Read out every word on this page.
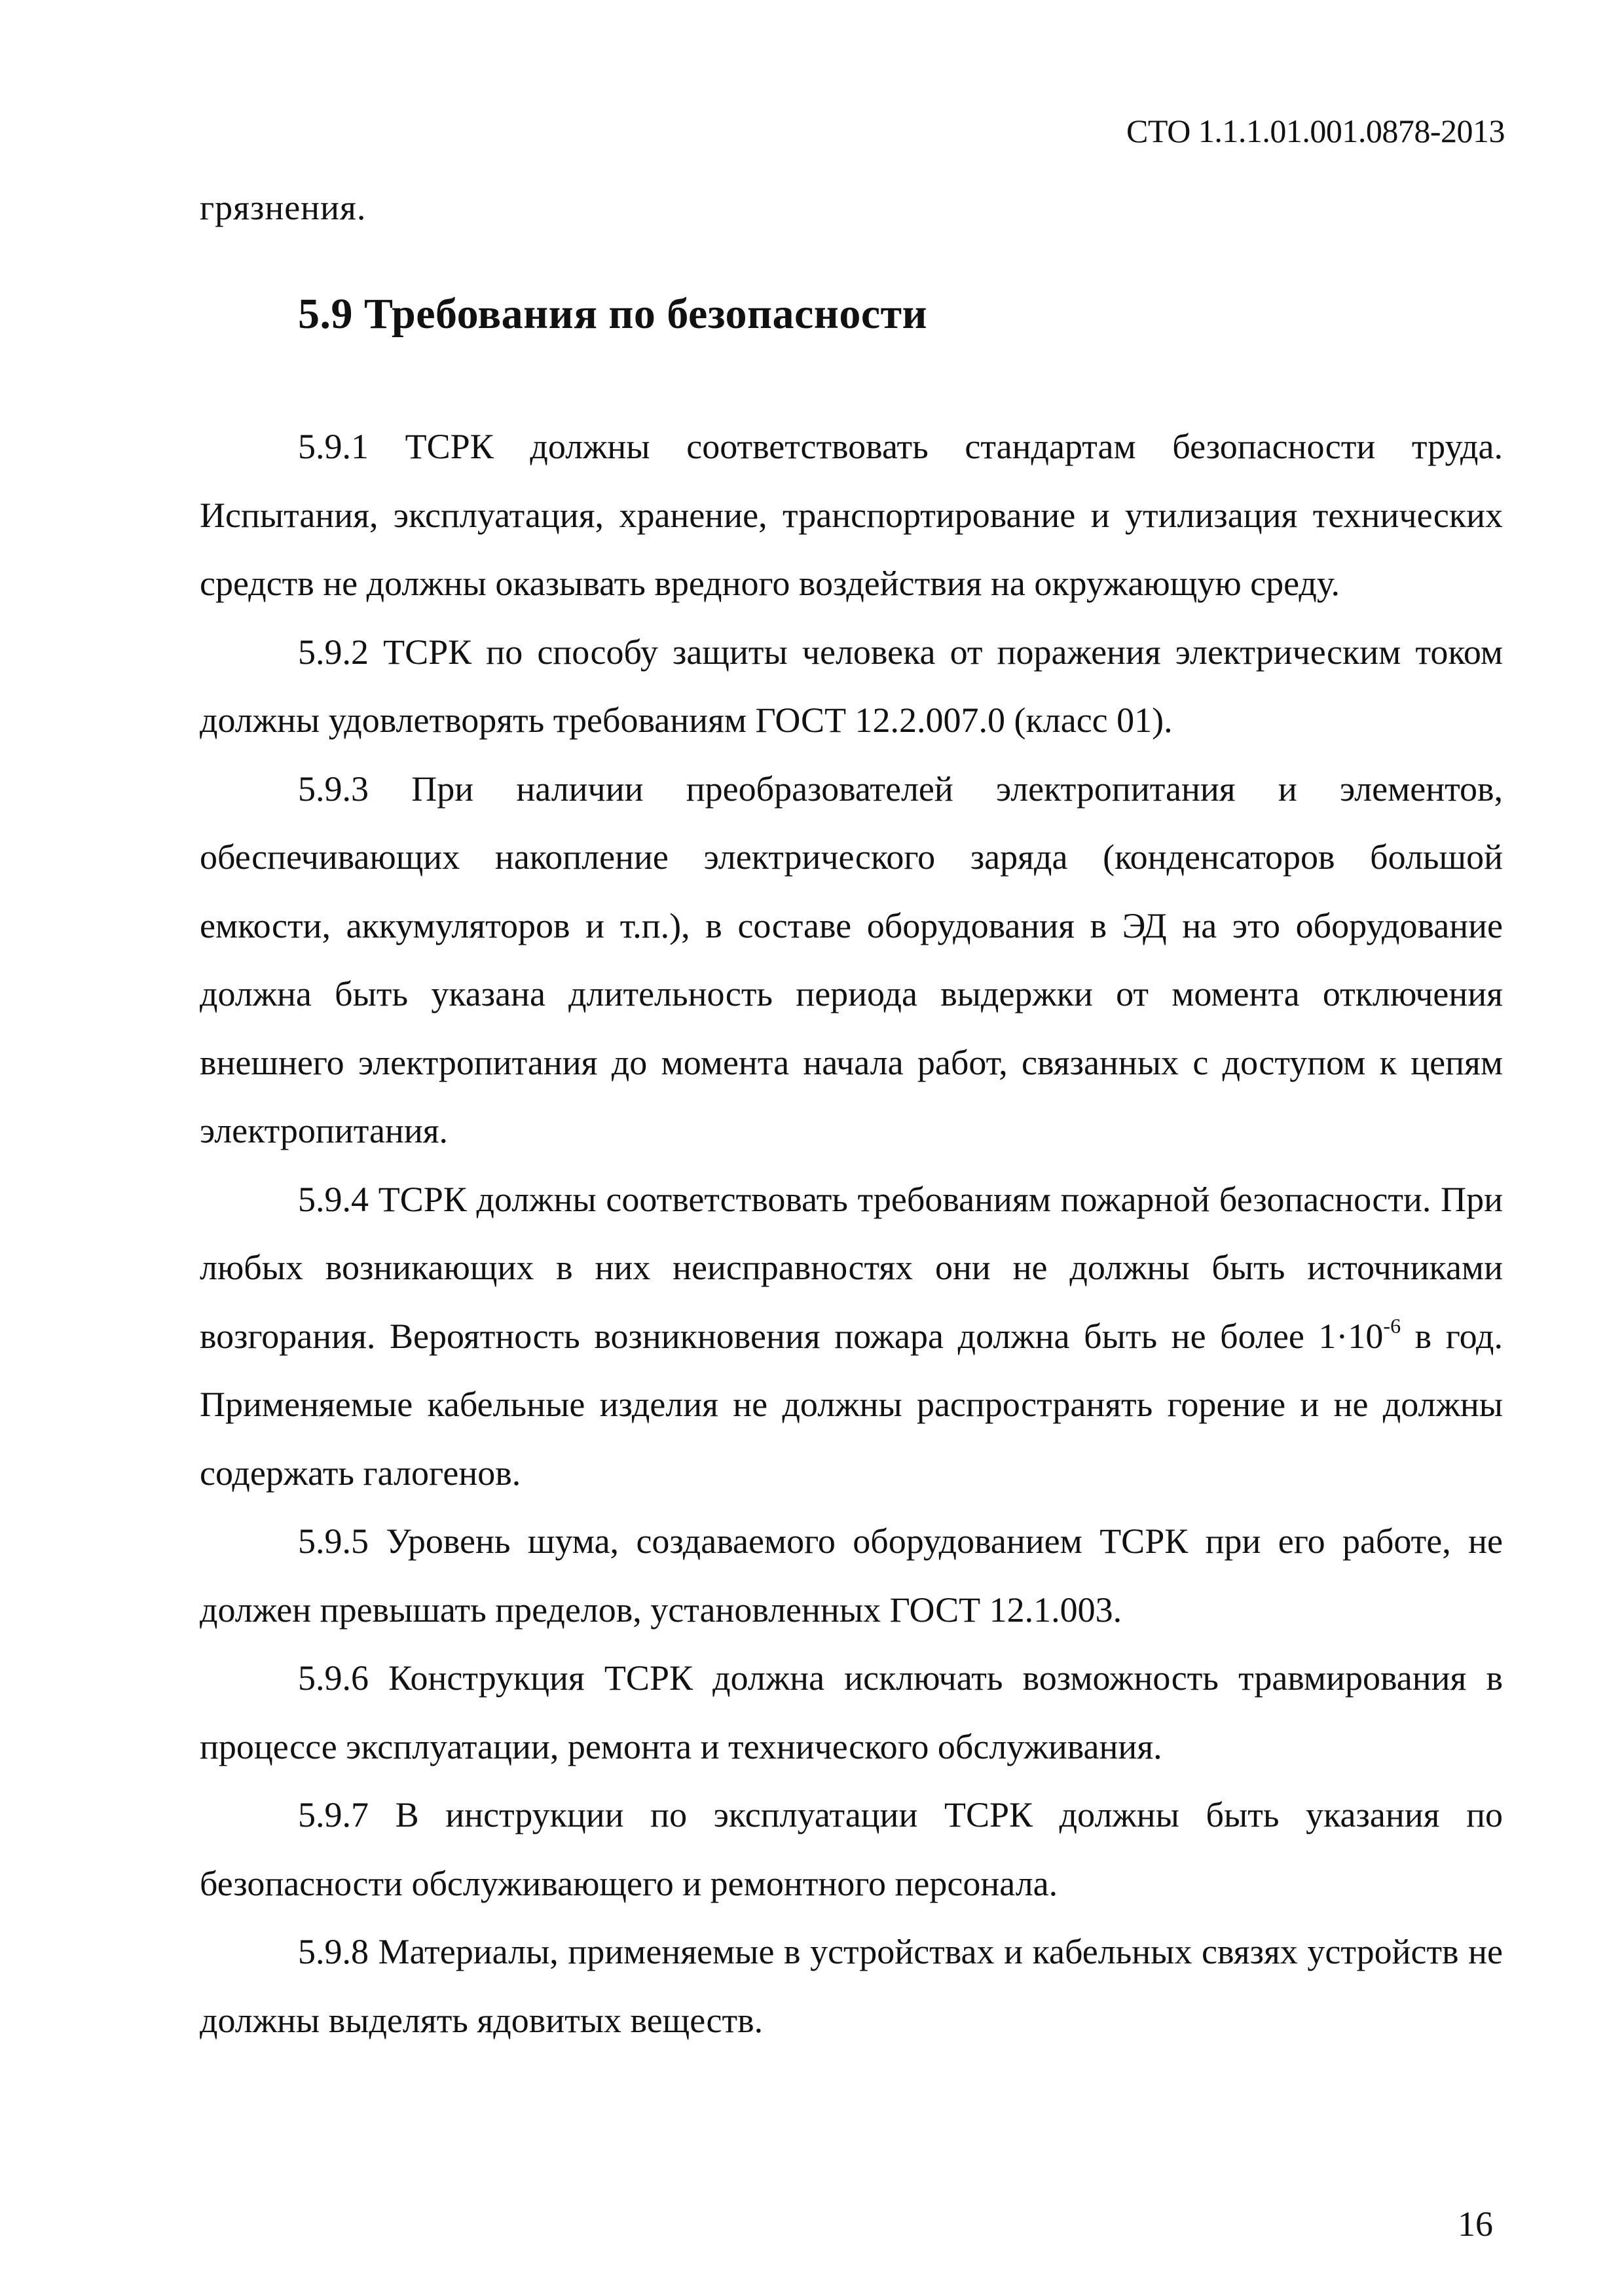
СТО 1.1.1.01.001.0878-2013
грязнения.
5.9 Требования по безопасности

5.9.1 ТСРК должны соответствовать стандартам безопасности труда. Испытания, эксплуатация, хранение, транспортирование и утилизация технических средств не должны оказывать вредного воздействия на окружающую среду.

5.9.2 ТСРК по способу защиты человека от поражения электрическим током должны удовлетворять требованиям ГОСТ 12.2.007.0 (класс 01).

5.9.3 При наличии преобразователей электропитания и элементов, обеспечивающих накопление электрического заряда (конденсаторов большой емкости, аккумуляторов и т.п.), в составе оборудования в ЭД на это оборудование должна быть указана длительность периода выдержки от момента отключения внешнего электропитания до момента начала работ, связанных с доступом к цепям электропитания.

5.9.4 ТСРК должны соответствовать требованиям пожарной безопасности. При любых возникающих в них неисправностях они не должны быть источниками возгорания. Вероятность возникновения пожара должна быть не более $1\cdot 10^{-6}$ в год. Применяемые кабельные изделия не должны распространять горение и не должны содержать галогенов.

5.9.5 Уровень шума, создаваемого оборудованием ТСРК при его работе, не должен превышать пределов, установленных ГОСТ 12.1.003.

5.9.6 Конструкция ТСРК должна исключать возможность травмирования в процессе эксплуатации, ремонта и технического обслуживания.

5.9.7 В инструкции по эксплуатации ТСРК должны быть указания по безопасности обслуживающего и ремонтного персонала.

5.9.8 Материалы, применяемые в устройствах и кабельных связях устройств не должны выделять ядовитых веществ.

16
